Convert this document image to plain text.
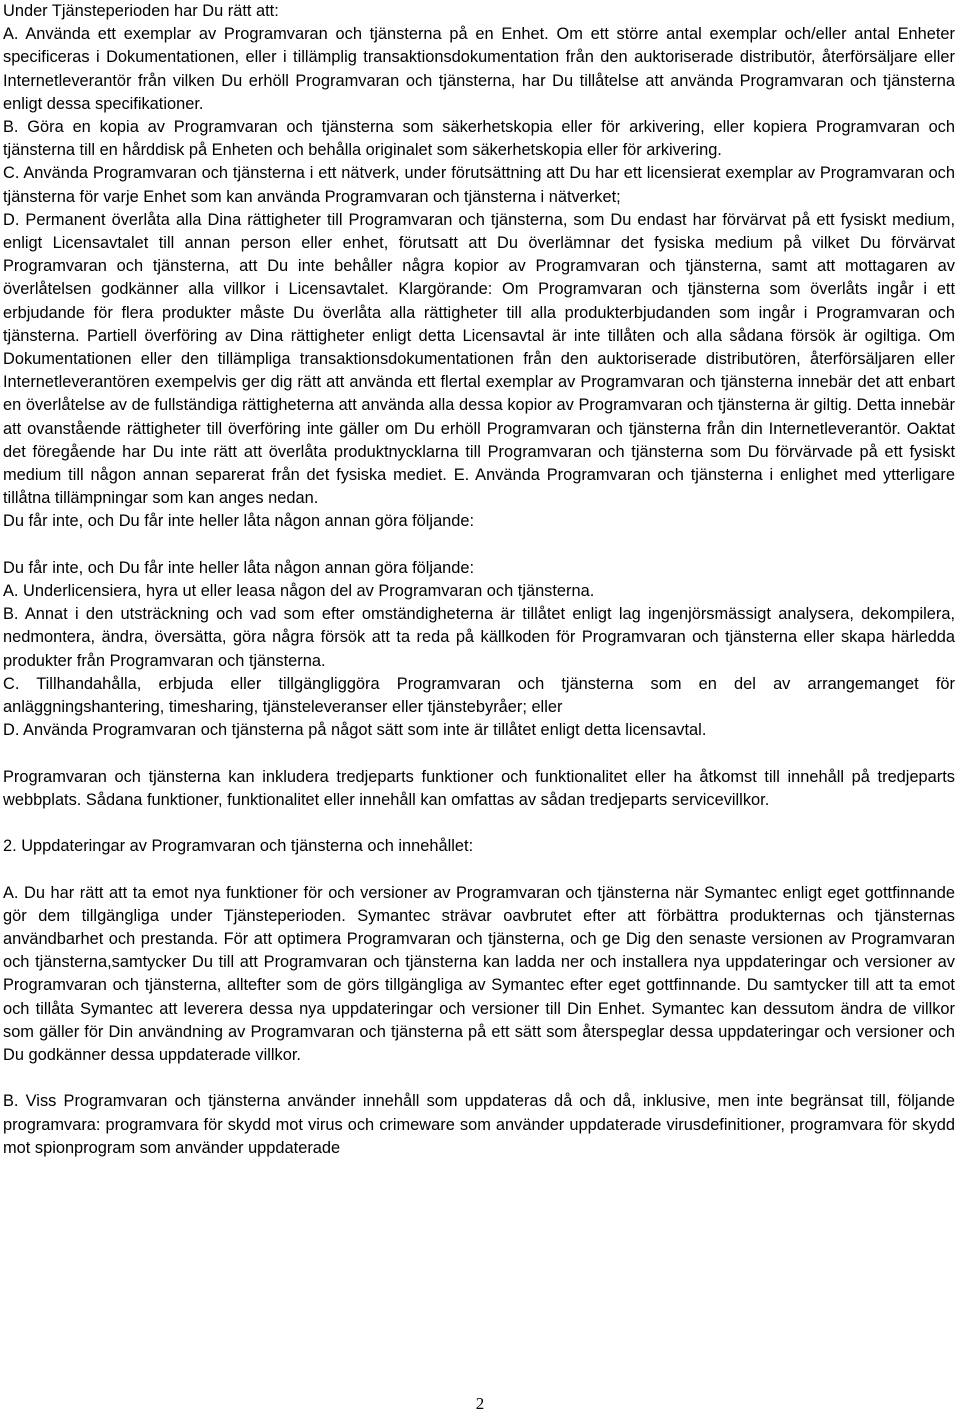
Under Tjänsteperioden har Du rätt att:

A. Använda ett exemplar av Programvaran och tjänsterna på en Enhet. Om ett större antal exemplar och/eller antal Enheter specificeras i Dokumentationen, eller i tillämplig transaktionsdokumentation från den auktoriserade distributör, återförsäljare eller Internetleverantör från vilken Du erhöll Programvaran och tjänsterna, har Du tillåtelse att använda Programvaran och tjänsterna enligt dessa specifikationer.

B. Göra en kopia av Programvaran och tjänsterna som säkerhetskopia eller för arkivering, eller kopiera Programvaran och tjänsterna till en hårddisk på Enheten och behålla originalet som säkerhetskopia eller för arkivering.

C. Använda Programvaran och tjänsterna i ett nätverk, under förutsättning att Du har ett licensierat exemplar av Programvaran och tjänsterna för varje Enhet som kan använda Programvaran och tjänsterna i nätverket;

D. Permanent överlåta alla Dina rättigheter till Programvaran och tjänsterna, som Du endast har förvärvat på ett fysiskt medium, enligt Licensavtalet till annan person eller enhet, förutsatt att Du överlämnar det fysiska medium på vilket Du förvärvat Programvaran och tjänsterna, att Du inte behåller några kopior av Programvaran och tjänsterna, samt att mottagaren av överlåtelsen godkänner alla villkor i Licensavtalet. Klargörande: Om Programvaran och tjänsterna som överlåts ingår i ett erbjudande för flera produkter måste Du överlåta alla rättigheter till alla produkterbjudanden som ingår i Programvaran och tjänsterna. Partiell överföring av Dina rättigheter enligt detta Licensavtal är inte tillåten och alla sådana försök är ogiltiga. Om Dokumentationen eller den tillämpliga transaktionsdokumentationen från den auktoriserade distributören, återförsäljaren eller Internetleverantören exempelvis ger dig rätt att använda ett flertal exemplar av Programvaran och tjänsterna innebär det att enbart en överlåtelse av de fullständiga rättigheterna att använda alla dessa kopior av Programvaran och tjänsterna är giltig. Detta innebär att ovanstående rättigheter till överföring inte gäller om Du erhöll Programvaran och tjänsterna från din Internetleverantör. Oaktat det föregående har Du inte rätt att överlåta produktnycklarna till Programvaran och tjänsterna som Du förvärvade på ett fysiskt medium till någon annan separerat från det fysiska mediet. E. Använda Programvaran och tjänsterna i enlighet med ytterligare tillåtna tillämpningar som kan anges nedan.

Du får inte, och Du får inte heller låta någon annan göra följande:

Du får inte, och Du får inte heller låta någon annan göra följande:

A. Underlicensiera, hyra ut eller leasa någon del av Programvaran och tjänsterna.

B. Annat i den utsträckning och vad som efter omständigheterna är tillåtet enligt lag ingenjörsmässigt analysera, dekompilera, nedmontera, ändra, översätta, göra några försök att ta reda på källkoden för Programvaran och tjänsterna eller skapa härledda produkter från Programvaran och tjänsterna.

C. Tillhandahålla, erbjuda eller tillgängliggöra Programvaran och tjänsterna som en del av arrangemanget för anläggningshantering, timesharing, tjänsteleveranser eller tjänstebyråer; eller

D. Använda Programvaran och tjänsterna på något sätt som inte är tillåtet enligt detta licensavtal.

Programvaran och tjänsterna kan inkludera tredjeparts funktioner och funktionalitet eller ha åtkomst till innehåll på tredjeparts webbplats. Sådana funktioner, funktionalitet eller innehåll kan omfattas av sådan tredjeparts servicevillkor.

2. Uppdateringar av Programvaran och tjänsterna och innehållet:

A. Du har rätt att ta emot nya funktioner för och versioner av Programvaran och tjänsterna när Symantec enligt eget gottfinnande gör dem tillgängliga under Tjänsteperioden. Symantec strävar oavbrutet efter att förbättra produkternas och tjänsternas användbarhet och prestanda. För att optimera Programvaran och tjänsterna, och ge Dig den senaste versionen av Programvaran och tjänsterna,samtycker Du till att Programvaran och tjänsterna kan ladda ner och installera nya uppdateringar och versioner av Programvaran och tjänsterna, alltefter som de görs tillgängliga av Symantec efter eget gottfinnande. Du samtycker till att ta emot och tillåta Symantec att leverera dessa nya uppdateringar och versioner till Din Enhet. Symantec kan dessutom ändra de villkor som gäller för Din användning av Programvaran och tjänsterna på ett sätt som återspeglar dessa uppdateringar och versioner och Du godkänner dessa uppdaterade villkor.

B. Viss Programvaran och tjänsterna använder innehåll som uppdateras då och då, inklusive, men inte begränsat till, följande programvara: programvara för skydd mot virus och crimeware som använder uppdaterade virusdefinitioner, programvara för skydd mot spionprogram som använder uppdaterade

2
